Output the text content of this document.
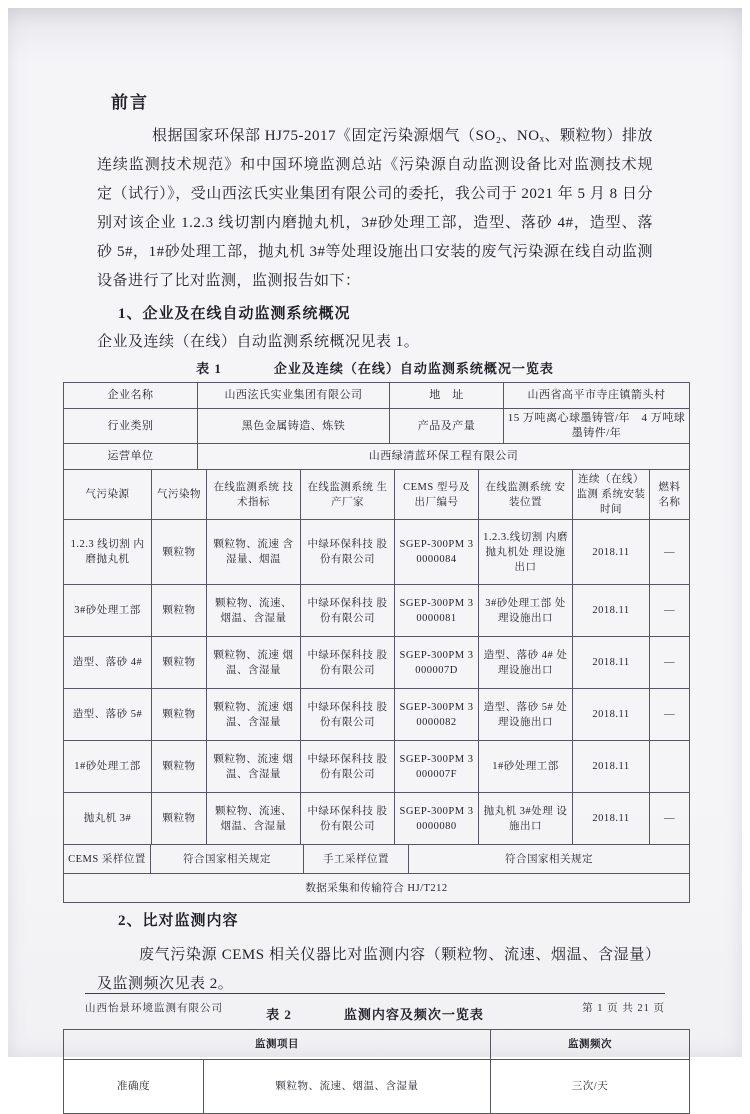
前言

根据国家环保部 HJ75-2017《固定污染源烟气（SO₂、NOₓ、颗粒物）排放连续监测技术规范》和中国环境监测总站《污染源自动监测设备比对监测技术规定（试行）》，受山西泫氏实业集团有限公司的委托，我公司于 2021 年 5 月 8 日分别对该企业 1.2.3 线切割内磨抛丸机，3#砂处理工部，造型、落砂 4#，造型、落砂 5#，1#砂处理工部，抛丸机 3#等处理设施出口安装的废气污染源在线自动监测设备进行了比对监测，监测报告如下：

1、企业及在线自动监测系统概况

企业及连续（在线）自动监测系统概况见表 1。

表 1	企业及连续（在线）自动监测系统概况一览表
企业名称	山西泫氏实业集团有限公司	地　址	山西省高平市寺庄镇箭头村
行业类别	黑色金属铸造、炼铁	产品及产量	15 万吨离心球墨铸管/年　4 万吨球墨铸件/年
运营单位	山西绿清蓝环保工程有限公司		
气污染源	气污染物	在线监测系统 技术指标	在线监测系统 生产厂家	CEMS 型号及 出厂编号	在线监测系统 安装位置	连续（在线）监测 系统安装时间	燃料 名称
1.2.3 线切割 内磨抛丸机	颗粒物	颗粒物、流速 含湿量、烟温	中绿环保科技 股份有限公司	SGEP-300PM 30000084	1.2.3.线切割 内磨抛丸机处 理设施出口	2018.11	—
3#砂处理工部	颗粒物	颗粒物、流速、 烟温、含湿量	中绿环保科技 股份有限公司	SGEP-300PM 30000081	3#砂处理工部 处理设施出口	2018.11	—
造型、落砂 4#	颗粒物	颗粒物、流速 烟温、含湿量	中绿环保科技 股份有限公司	SGEP-300PM 3000007D	造型、落砂 4# 处理设施出口	2018.11	—
造型、落砂 5#	颗粒物	颗粒物、流速 烟温、含湿量	中绿环保科技 股份有限公司	SGEP-300PM 30000082	造型、落砂 5# 处理设施出口	2018.11	—
1#砂处理工部	颗粒物	颗粒物、流速 烟温、含湿量	中绿环保科技 股份有限公司	SGEP-300PM 3000007F	1#砂处理工部	2018.11	
抛丸机 3#	颗粒物	颗粒物、流速、 烟温、含湿量	中绿环保科技 股份有限公司	SGEP-300PM 30000080	抛丸机 3#处理 设施出口	2018.11	—
CEMS 采样位置	符合国家相关规定	手工采样位置	符合国家相关规定
数据采集和传输符合 HJ/T212
2、比对监测内容

废气污染源 CEMS 相关仪器比对监测内容（颗粒物、流速、烟温、含湿量）及监测频次见表 2。

表 2	监测内容及频次一览表
监测项目		监测频次
准确度	颗粒物、流速、烟温、含湿量	三次/天
山西怡景环境监测有限公司	第 1 页 共 21 页
